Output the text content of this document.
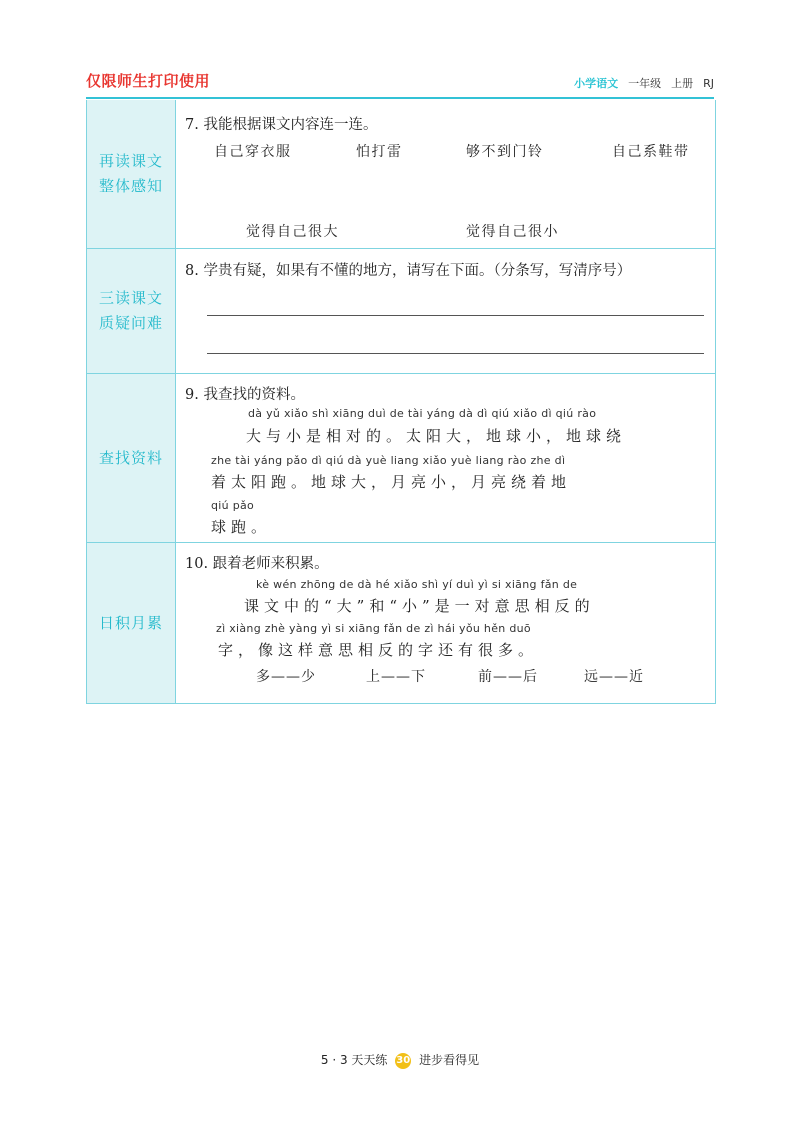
仅限师生打印使用	小学语文 一年级 上册 RJ
再读课文
整体感知
7. 我能根据课文内容连一连。
自己穿衣服	怕打雷	够不到门铃	自己系鞋带
觉得自己很大	觉得自己很小
三读课文
质疑问难
8. 学贵有疑，如果有不懂的地方，请写在下面。（分条写，写清序号）
查找资料
9. 我查找的资料。
dà yǔ xiǎo shì xiāng duì de tài yáng dà dì qiú xiǎo dì qiú rào
大与小是相对的。太阳大，地球小，地球绕
zhe tài yáng pǎo dì qiú dà yuè liang xiǎo yuè liang rào zhe dì
着太阳跑。地球大，月亮小，月亮绕着地
qiú pǎo
球跑。
日积月累
10. 跟着老师来积累。
kè wén zhōng de dà hé xiǎo shì yí duì yì si xiāng fǎn de
课文中的“大”和“小”是一对意思相反的
zì xiàng zhè yàng yì si xiāng fǎn de zì hái yǒu hěn duō
字，像这样意思相反的字还有很多。
多——少	上——下	前——后	远——近
5 · 3 天天练 30 进步看得见
